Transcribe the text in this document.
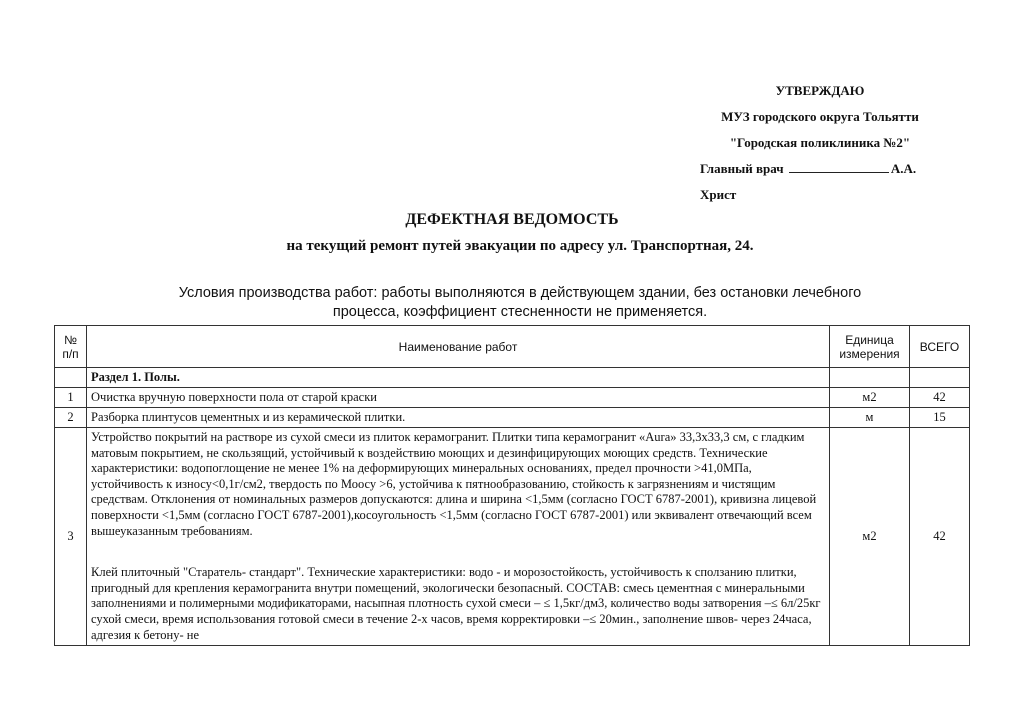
УТВЕРЖДАЮ
МУЗ городского округа Тольятти
"Городская поликлиника №2"
Главный врач	А.А. Христ
ДЕФЕКТНАЯ ВЕДОМОСТЬ
на текущий ремонт путей эвакуации по адресу ул. Транспортная, 24.
Условия производства работ: работы выполняются в действующем здании, без остановки лечебного
процесса, коэффициент стесненности не применяется.
№ п/п	Наименование работ	Единица измерения	ВСЕГО
	Раздел 1. Полы.		
1	Очистка вручную поверхности пола от старой краски	м2	42
2	Разборка плинтусов цементных и из керамической плитки.	м	15
3	Устройство покрытий на растворе из сухой смеси из плиток керамогранит. Плитки типа керамогранит «Aura» 33,3х33,3 см, с гладким матовым покрытием, не скользящий, устойчивый к воздействию моющих и дезинфицирующих моющих средств. Технические характеристики: водопоглощение не менее 1% на деформирующих минеральных основаниях, предел прочности >41,0МПа, устойчивость к износу<0,1г/см2, твердость по Моосу >6, устойчива к пятнообразованию, стойкость к загрязнениям и чистящим средствам. Отклонения от номинальных размеров допускаются: длина и ширина <1,5мм (согласно ГОСТ 6787-2001), кривизна лицевой поверхности <1,5мм (согласно ГОСТ 6787-2001),косоугольность <1,5мм (согласно ГОСТ 6787-2001) или эквивалент отвечающий всем вышеуказанным требованиям.

Клей плиточный "Старатель- стандарт". Технические характеристики: водо - и морозостойкость, устойчивость к сползанию плитки, пригодный для крепления керамогранита внутри помещений, экологически безопасный. СОСТАВ: смесь цементная с минеральными заполнениями и полимерными модификаторами, насыпная плотность сухой смеси – ≤ 1,5кг/дм3, количество воды затворения –≤ 6л/25кг сухой смеси, время использования готовой смеси в течение 2-х часов, время корректировки –≤ 20мин., заполнение швов- через 24часа, адгезия к бетону- не	м2	42
